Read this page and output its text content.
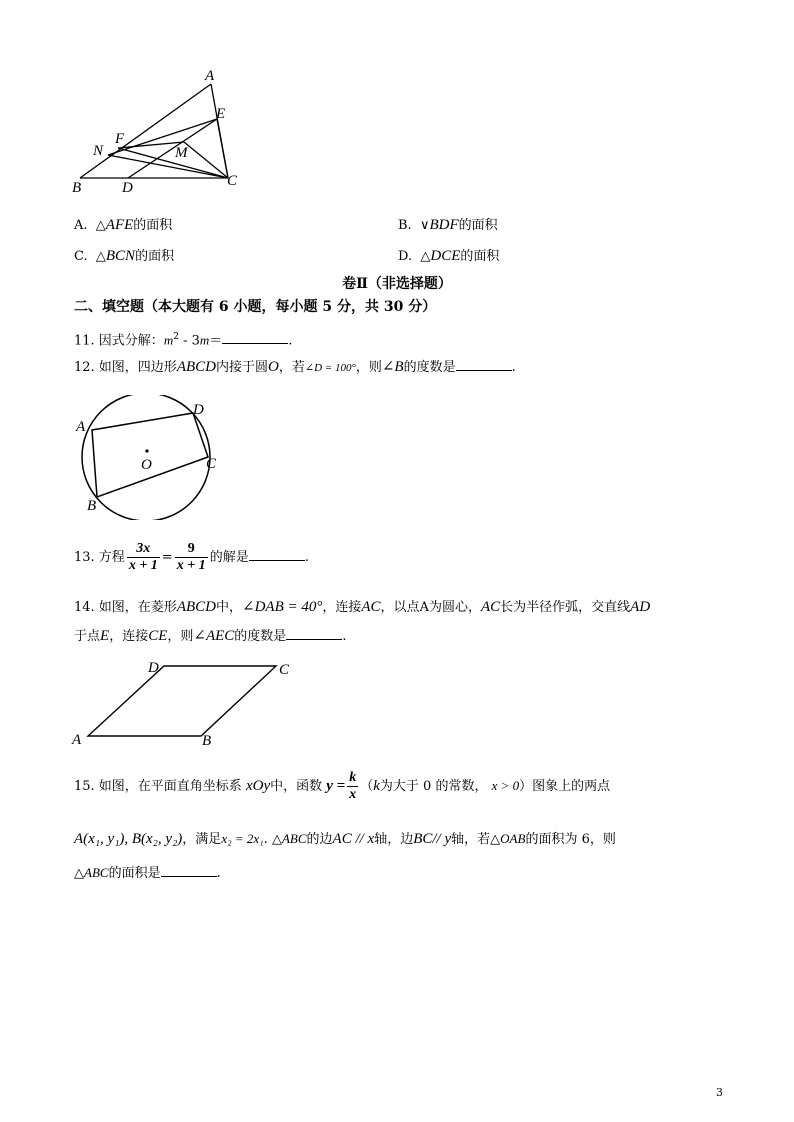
A
E
F
N	M
B	D	C
A. △AFE的面积	B. ∨BDF的面积
C. △BCN的面积	D. △DCE的面积
卷Ⅱ（非选择题）
二、填空题（本大题有 6 小题，每小题 5 分，共 30 分）
11. 因式分解：$m^2 - 3m=$	.
12. 如图，四边形ABCD内接于圆O，若∠D = 100°，则∠B的度数是	.
A
D
C
B
O
13. 方程 $\frac{3x}{x + 1} = \frac{9}{x + 1}$ 的解是	.
14. 如图，在菱形ABCD中，∠DAB = 40°，连接AC，以点A为圆心，AC长为半径作弧，交直线AD
于点E，连接CE，则∠AEC的度数是	.
D	C
A	B
15. 如图，在平面直角坐标系 xOy中，函数 $y = \frac{k}{x} (k$为大于 0 的常数， x > 0）图象上的两点
A(x₁, y₁), B(x₂, y₂)，满足x₂ = 2x₁. △ABC的边AC // x轴，边BC// y轴，若△OAB的面积为 6，则
△ABC的面积是	.
3
